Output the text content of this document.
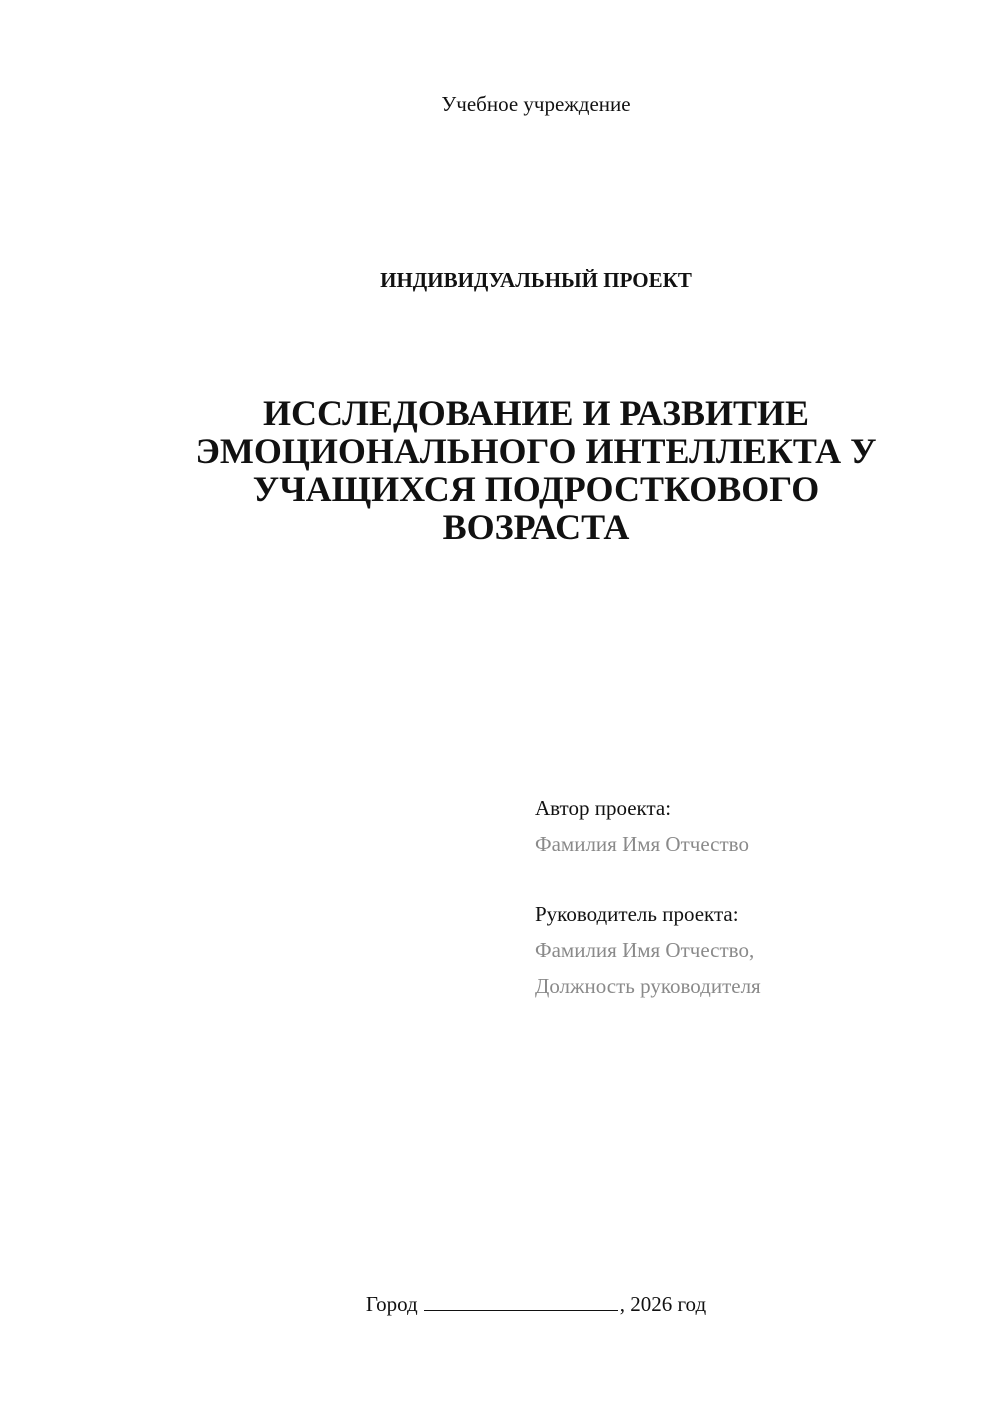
Учебное учреждение
ИНДИВИДУАЛЬНЫЙ ПРОЕКТ
ИССЛЕДОВАНИЕ И РАЗВИТИЕ
ЭМОЦИОНАЛЬНОГО ИНТЕЛЛЕКТА У
УЧАЩИХСЯ ПОДРОСТКОВОГО
ВОЗРАСТА
Автор проекта:
Фамилия Имя Отчество
Руководитель проекта:
Фамилия Имя Отчество,
Должность руководителя
Город	, 2026 год
